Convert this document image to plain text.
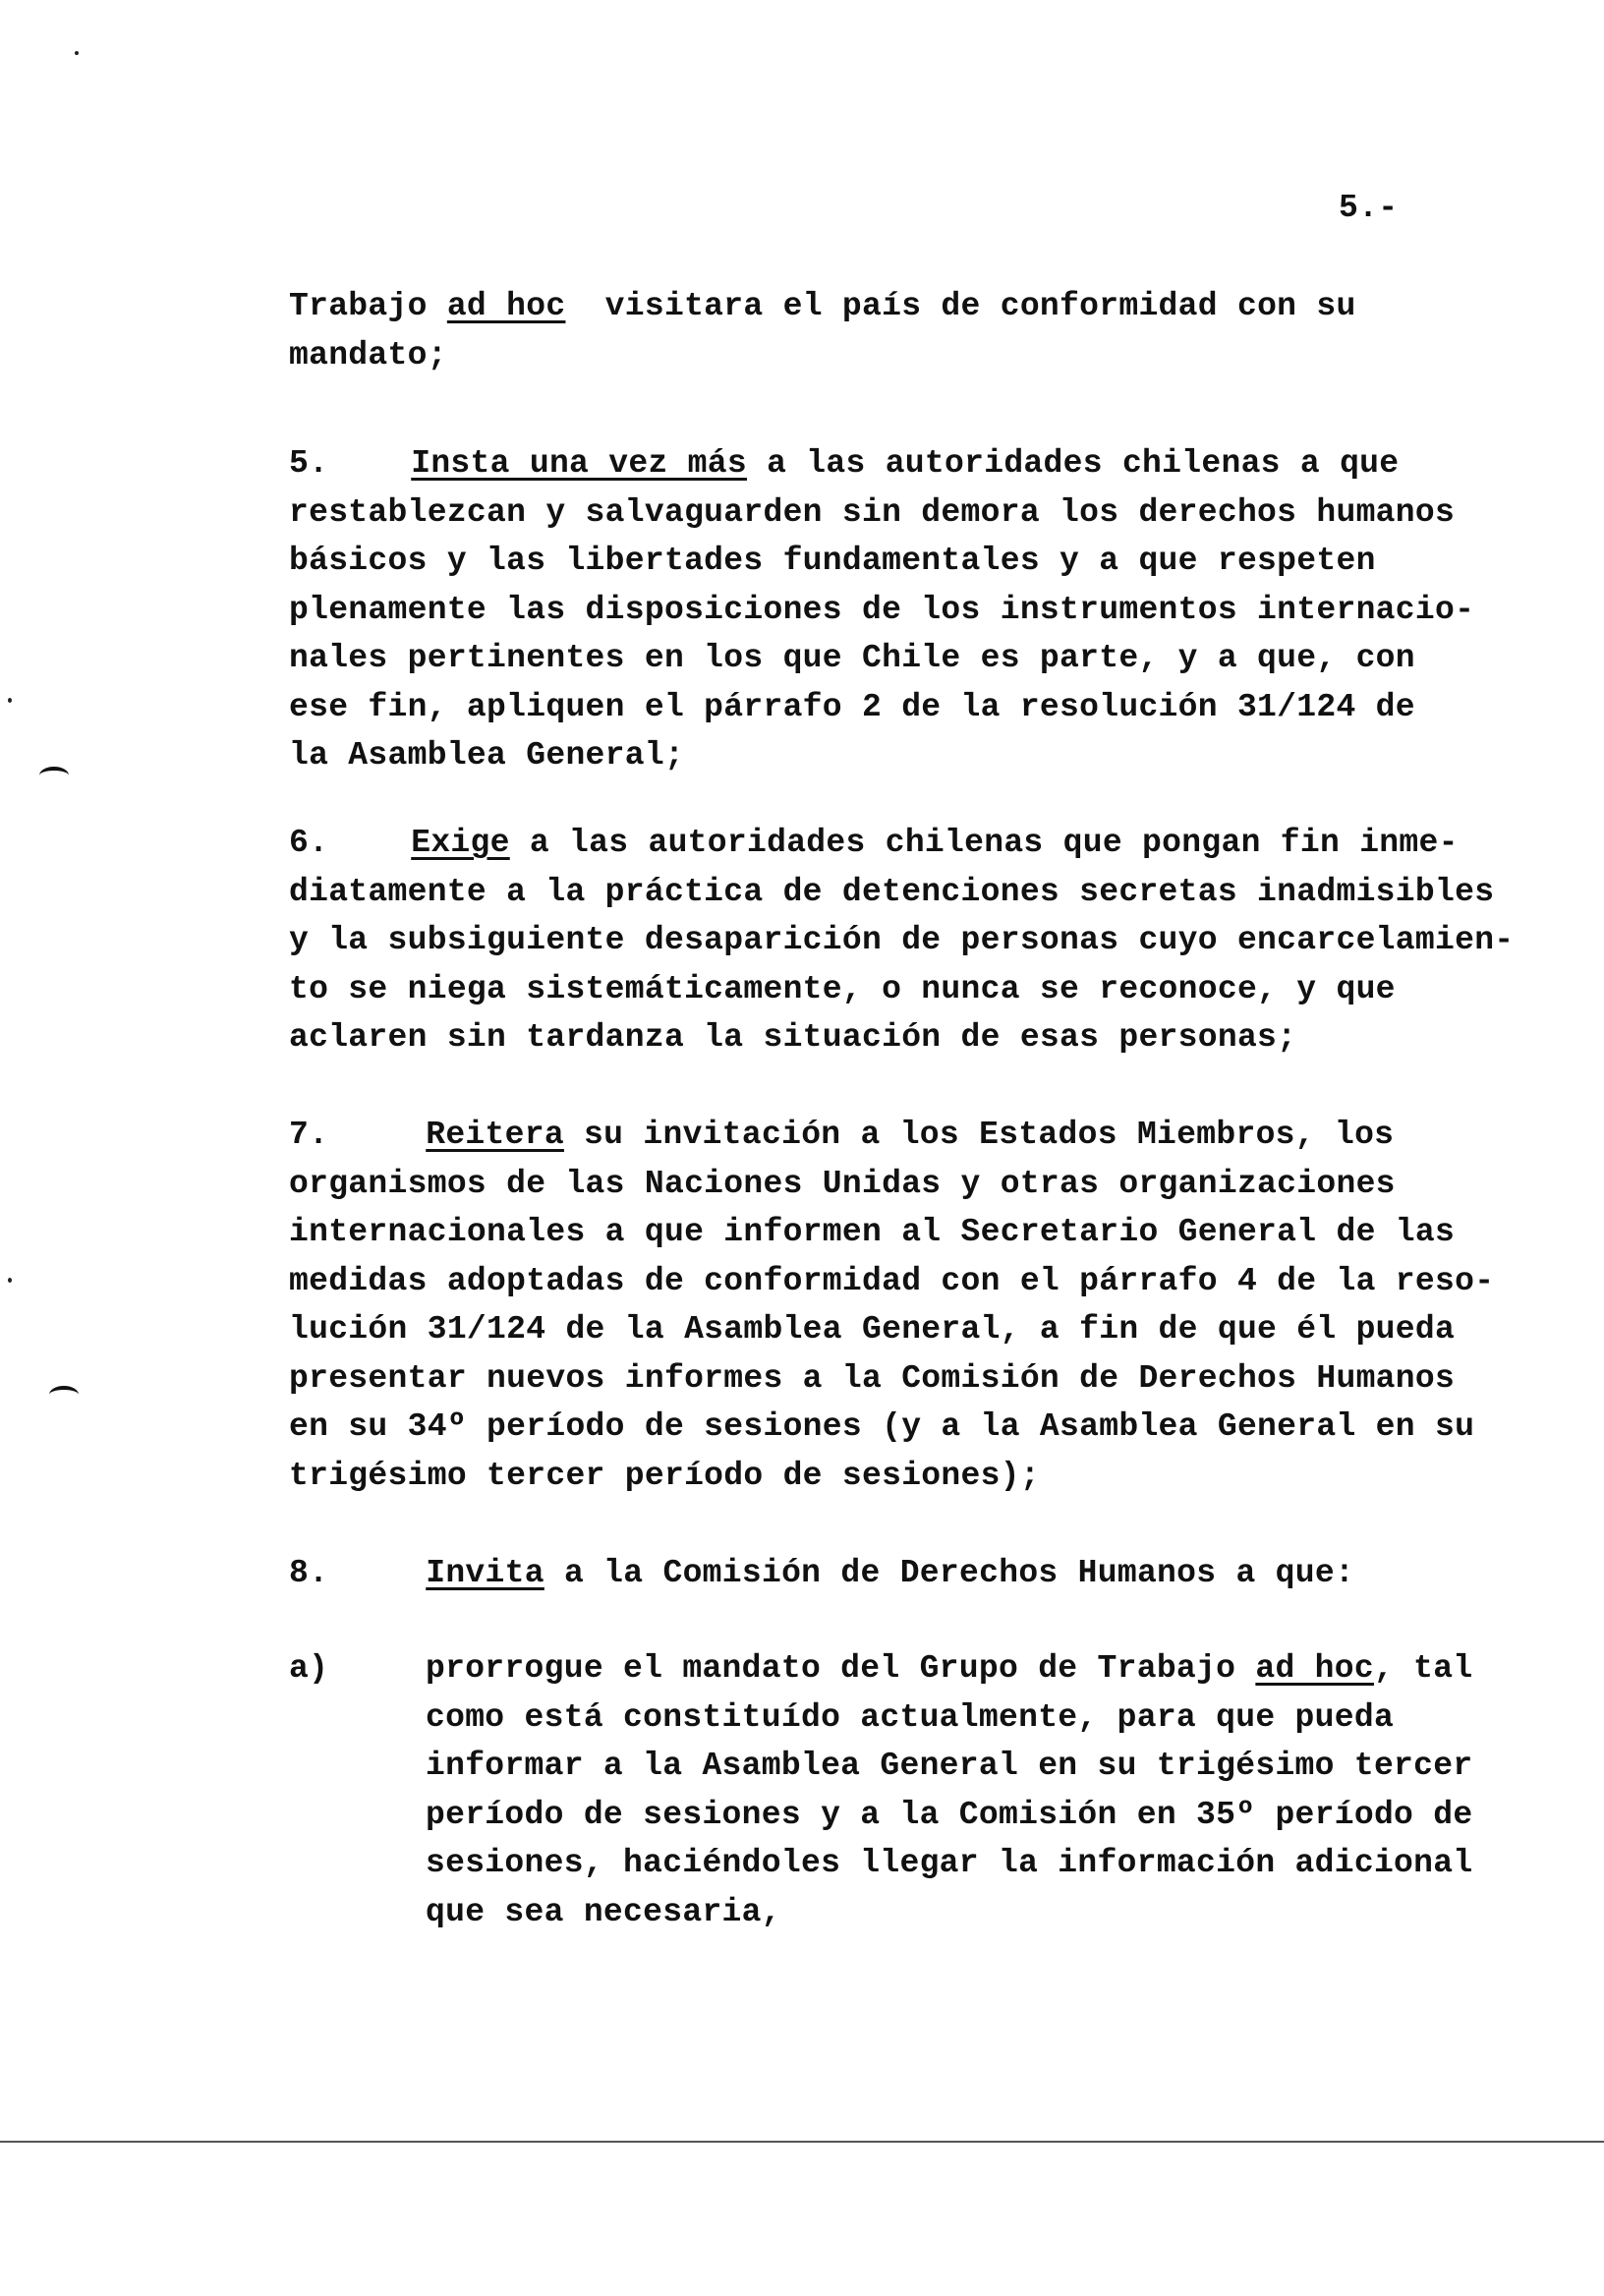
5.-
Trabajo ad hoc  visitara el país de conformidad con su
mandato;
5.	Insta una vez más a las autoridades chilenas a que
restablezcan y salvaguarden sin demora los derechos humanos
básicos y las libertades fundamentales y a que respeten
plenamente las disposiciones de los instrumentos internacio-
nales pertinentes en los que Chile es parte, y a que, con
ese fin, apliquen el párrafo 2 de la resolución 31/124 de
la Asamblea General;
6.	Exige a las autoridades chilenas que pongan fin inme-
diatamente a la práctica de detenciones secretas inadmisibles
y la subsiguiente desaparición de personas cuyo encarcelamien-
to se niega sistemáticamente, o nunca se reconoce, y que
aclaren sin tardanza la situación de esas personas;
7.	Reitera su invitación a los Estados Miembros, los
organismos de las Naciones Unidas y otras organizaciones
internacionales a que informen al Secretario General de las
medidas adoptadas de conformidad con el párrafo 4 de la reso-
lución 31/124 de la Asamblea General, a fin de que él pueda
presentar nuevos informes a la Comisión de Derechos Humanos
en su 34º período de sesiones (y a la Asamblea General en su
trigésimo tercer período de sesiones);
8.	Invita a la Comisión de Derechos Humanos a que:
a)	prorrogue el mandato del Grupo de Trabajo ad hoc, tal
como está constituído actualmente, para que pueda
informar a la Asamblea General en su trigésimo tercer
período de sesiones y a la Comisión en 35º período de
sesiones, haciéndoles llegar la información adicional
que sea necesaria,
